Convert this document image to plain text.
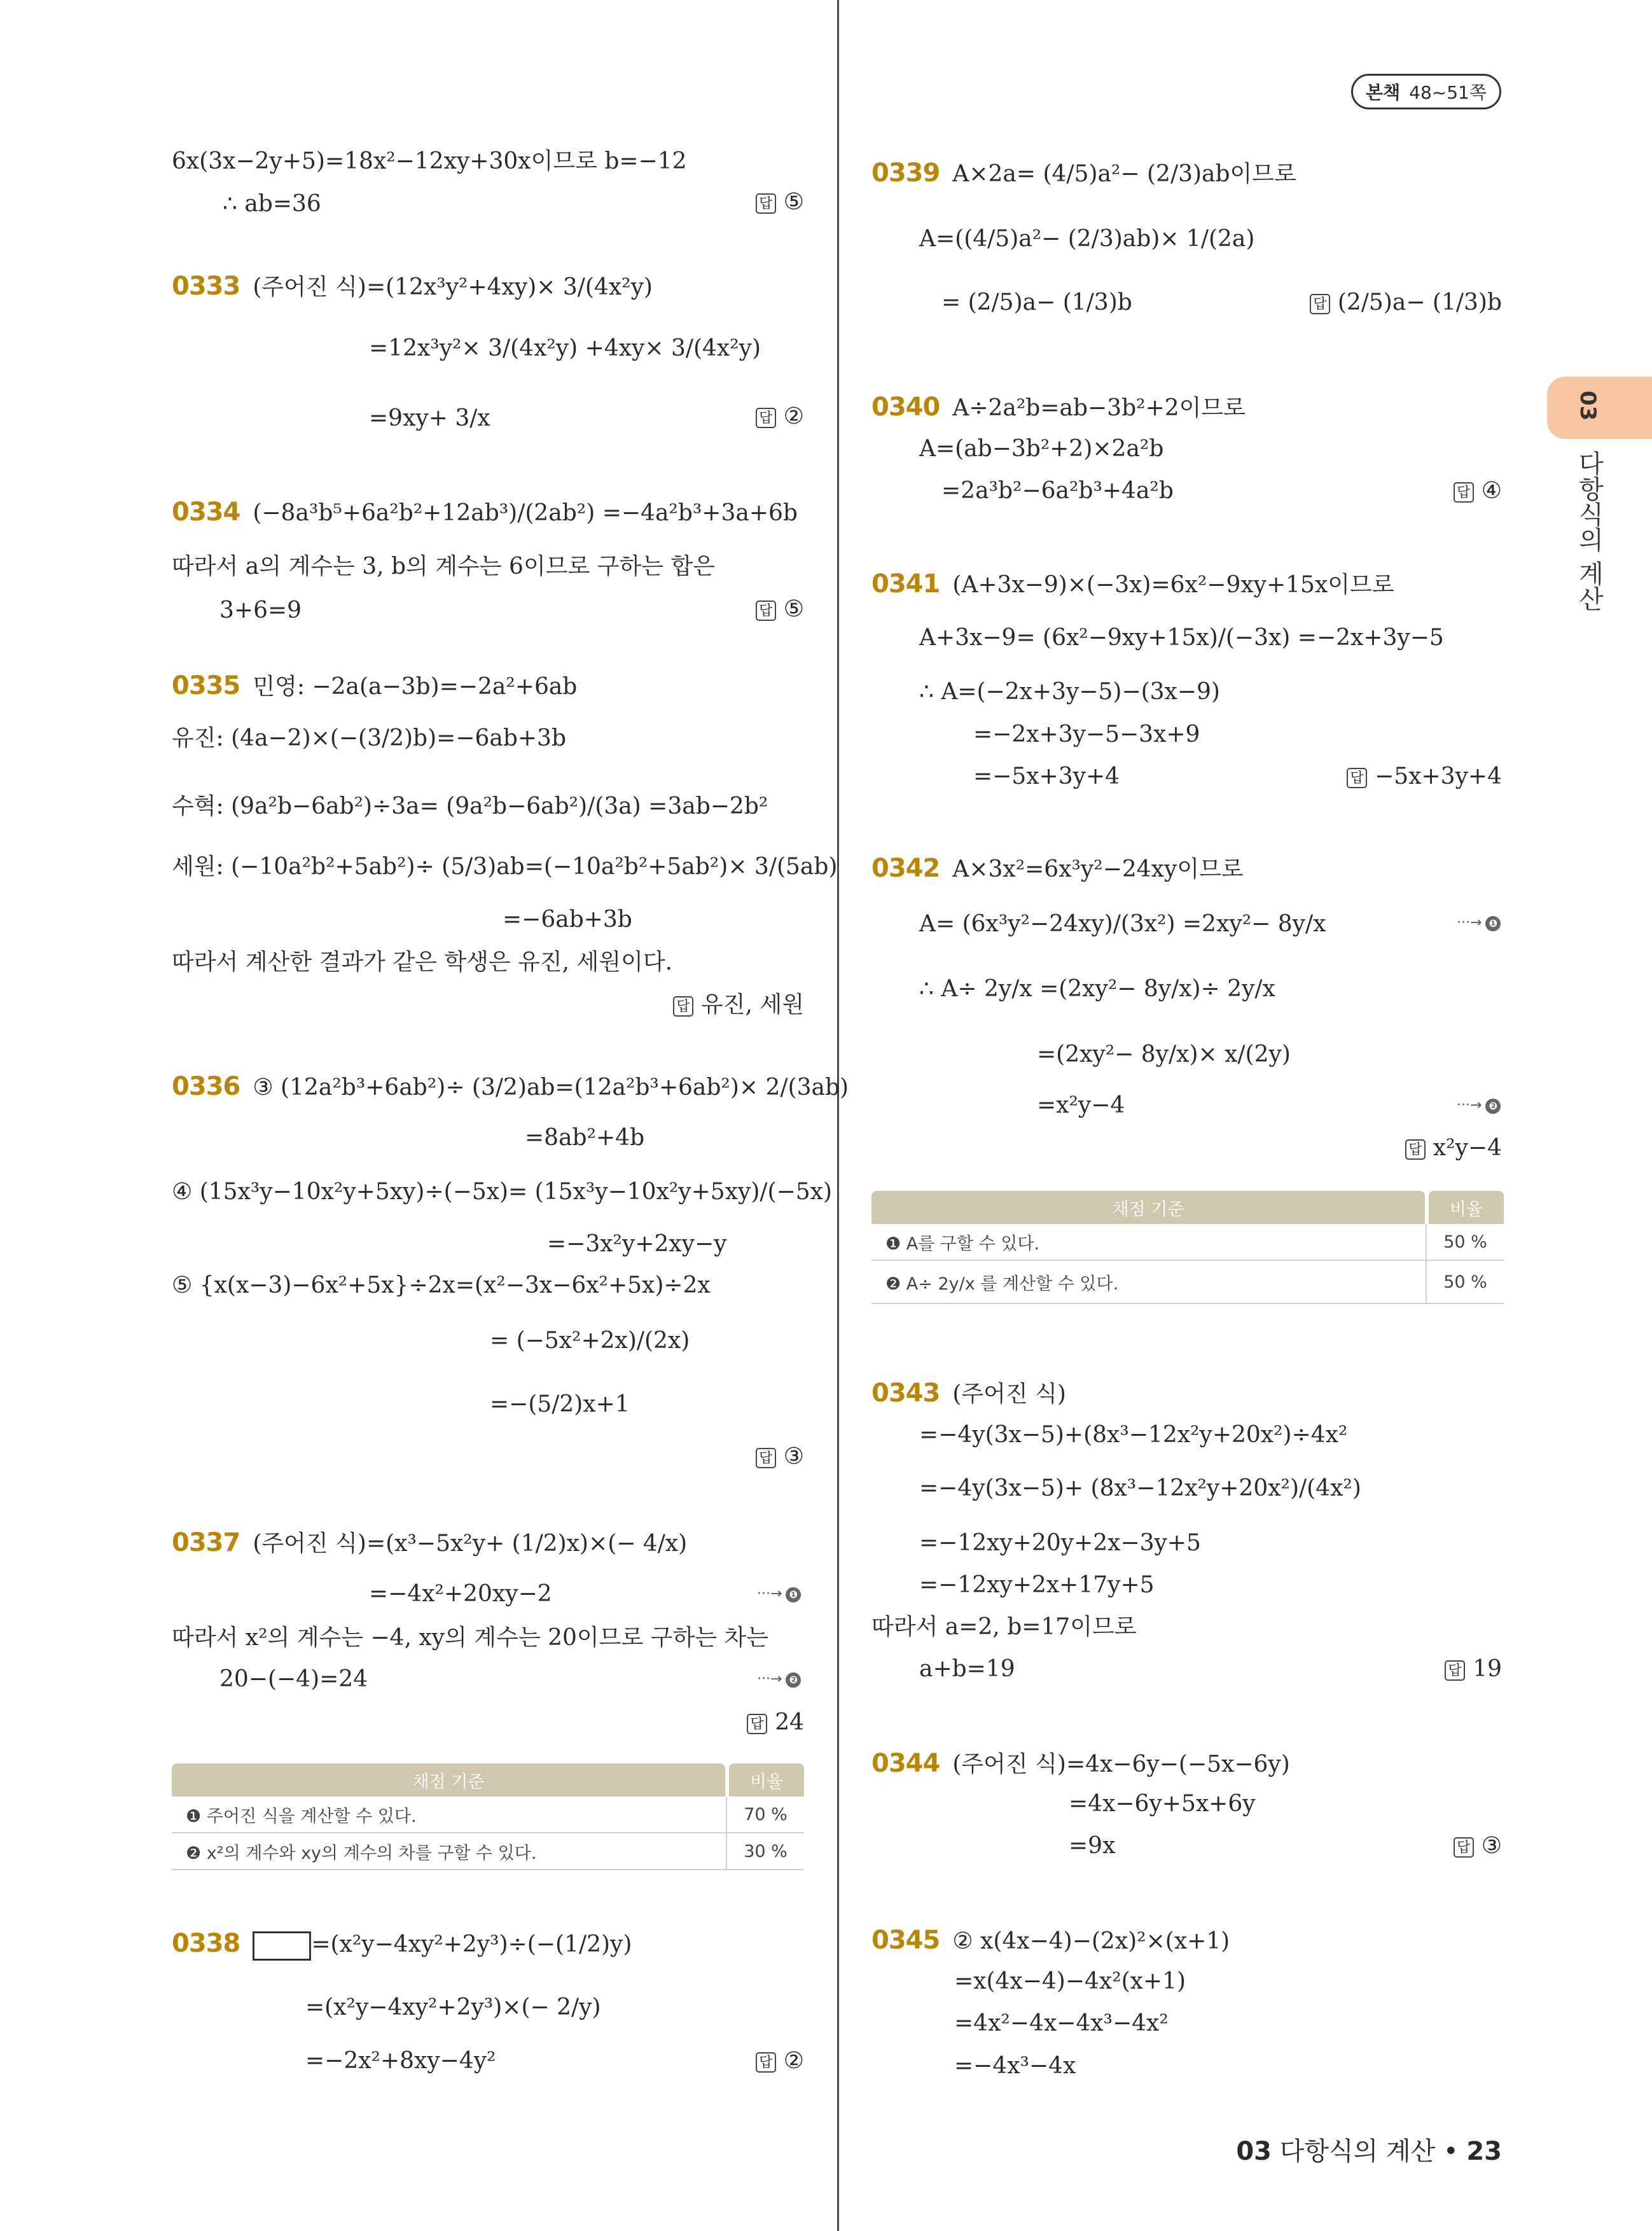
본책 48~51쪽
03
다항식의 계산
6x(3x−2y+5)=18x²−12xy+30x이므로 b=−12
∴ ab=36
0333 (주어진 식)=(12x³y²+4xy)× 3/(4x²y)
=12x³y²× 3/(4x²y) +4xy× 3/(4x²y)
=9xy+ 3/x
0334 (−8a³b⁵+6a²b²+12ab³)/(2ab²) =−4a²b³+3a+6b
따라서 a의 계수는 3, b의 계수는 6이므로 구하는 합은
3+6=9
0335 민영: −2a(a−3b)=−2a²+6ab
유진: (4a−2)×(−(3/2)b)=−6ab+3b
수혁: (9a²b−6ab²)÷3a= (9a²b−6ab²)/(3a) =3ab−2b²
세원: (−10a²b²+5ab²)÷ (5/3)ab=(−10a²b²+5ab²)× 3/(5ab)
=−6ab+3b
따라서 계산한 결과가 같은 학생은 유진, 세원이다.
0336 ③ (12a²b³+6ab²)÷ (3/2)ab=(12a²b³+6ab²)× 2/(3ab)
=8ab²+4b
④ (15x³y−10x²y+5xy)÷(−5x)= (15x³y−10x²y+5xy)/(−5x)
=−3x²y+2xy−y
⑤ {x(x−3)−6x²+5x}÷2x=(x²−3x−6x²+5x)÷2x
= (−5x²+2x)/(2x)
=−(5/2)x+1
0337 (주어진 식)=(x³−5x²y+ (1/2)x)×(− 4/x)
=−4x²+20xy−2
따라서 x²의 계수는 −4, xy의 계수는 20이므로 구하는 차는
20−(−4)=24
0338	=(x²y−4xy²+2y³)÷(−(1/2)y)
=(x²y−4xy²+2y³)×(− 2/y)
=−2x²+8xy−4y²
답 ⑤
답 ②
답 ⑤
답 유진, 세원
답 ③
답 24
답 ②
···→ ❶
···→ ❷
채점 기준	비율
❶ 주어진 식을 계산할 수 있다.	70 %
❷ x²의 계수와 xy의 계수의 차를 구할 수 있다.	30 %
0339 A×2a= (4/5)a²− (2/3)ab이므로
A=((4/5)a²− (2/3)ab)× 1/(2a)
= (2/5)a− (1/3)b
0340 A÷2a²b=ab−3b²+2이므로
A=(ab−3b²+2)×2a²b
=2a³b²−6a²b³+4a²b
0341 (A+3x−9)×(−3x)=6x²−9xy+15x이므로
A+3x−9= (6x²−9xy+15x)/(−3x) =−2x+3y−5
∴ A=(−2x+3y−5)−(3x−9)
=−2x+3y−5−3x+9
=−5x+3y+4
0342 A×3x²=6x³y²−24xy이므로
A= (6x³y²−24xy)/(3x²) =2xy²− 8y/x
∴ A÷ 2y/x =(2xy²− 8y/x)÷ 2y/x
=(2xy²− 8y/x)× x/(2y)
=x²y−4
0343 (주어진 식)
=−4y(3x−5)+(8x³−12x²y+20x²)÷4x²
=−4y(3x−5)+ (8x³−12x²y+20x²)/(4x²)
=−12xy+20y+2x−3y+5
=−12xy+2x+17y+5
따라서 a=2, b=17이므로
a+b=19
0344 (주어진 식)=4x−6y−(−5x−6y)
=4x−6y+5x+6y
=9x
0345 ② x(4x−4)−(2x)²×(x+1)
=x(4x−4)−4x²(x+1)
=4x²−4x−4x³−4x²
=−4x³−4x
답 (2/5)a− (1/3)b
답 ④
답 −5x+3y+4
답 x²y−4
답 19
답 ③
···→ ❶
···→ ❷
채점 기준	비율
❶ A를 구할 수 있다.	50 %
❷ A÷ 2y/x 를 계산할 수 있다.	50 %
03 다항식의 계산 • 23
